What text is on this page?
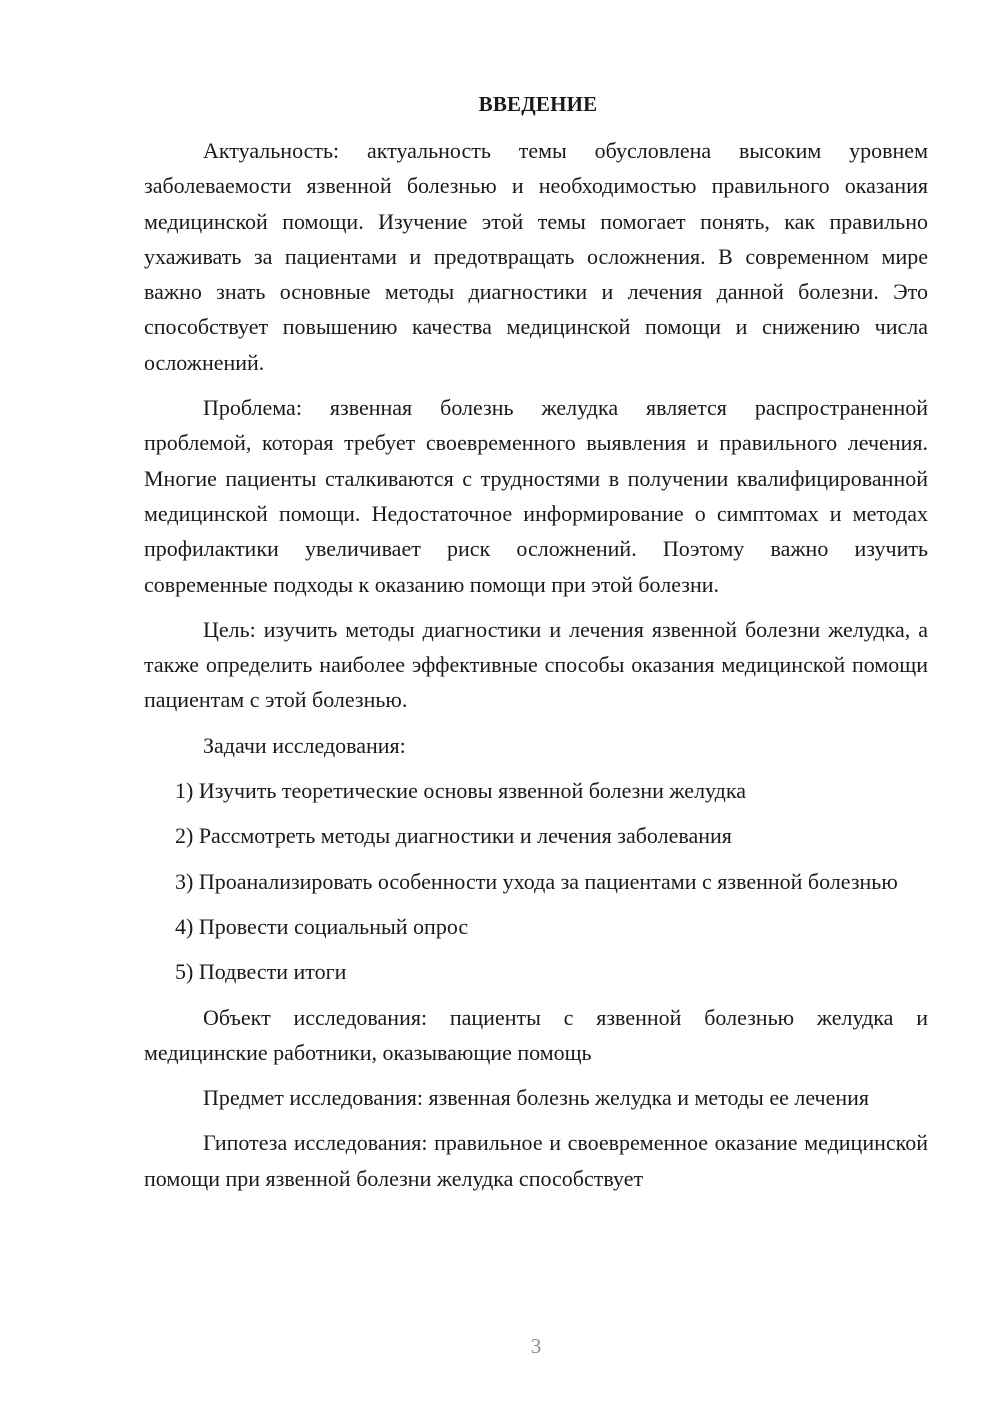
ВВЕДЕНИЕ

Актуальность: актуальность темы обусловлена высоким уровнем заболеваемости язвенной болезнью и необходимостью правильного оказания медицинской помощи. Изучение этой темы помогает понять, как правильно ухаживать за пациентами и предотвращать осложнения. В современном мире важно знать основные методы диагностики и лечения данной болезни. Это способствует повышению качества медицинской помощи и снижению числа осложнений.

Проблема: язвенная болезнь желудка является распространенной проблемой, которая требует своевременного выявления и правильного лечения. Многие пациенты сталкиваются с трудностями в получении квалифицированной медицинской помощи. Недостаточное информирование о симптомах и методах профилактики увеличивает риск осложнений. Поэтому важно изучить современные подходы к оказанию помощи при этой болезни.

Цель: изучить методы диагностики и лечения язвенной болезни желудка, а также определить наиболее эффективные способы оказания медицинской помощи пациентам с этой болезнью.

Задачи исследования:

1) Изучить теоретические основы язвенной болезни желудка

2) Рассмотреть методы диагностики и лечения заболевания

3) Проанализировать особенности ухода за пациентами с язвенной болезнью

4) Провести социальный опрос

5) Подвести итоги

Объект исследования: пациенты с язвенной болезнью желудка и медицинские работники, оказывающие помощь

Предмет исследования: язвенная болезнь желудка и методы ее лечения

Гипотеза исследования: правильное и своевременное оказание медицинской помощи при язвенной болезни желудка способствует

3
